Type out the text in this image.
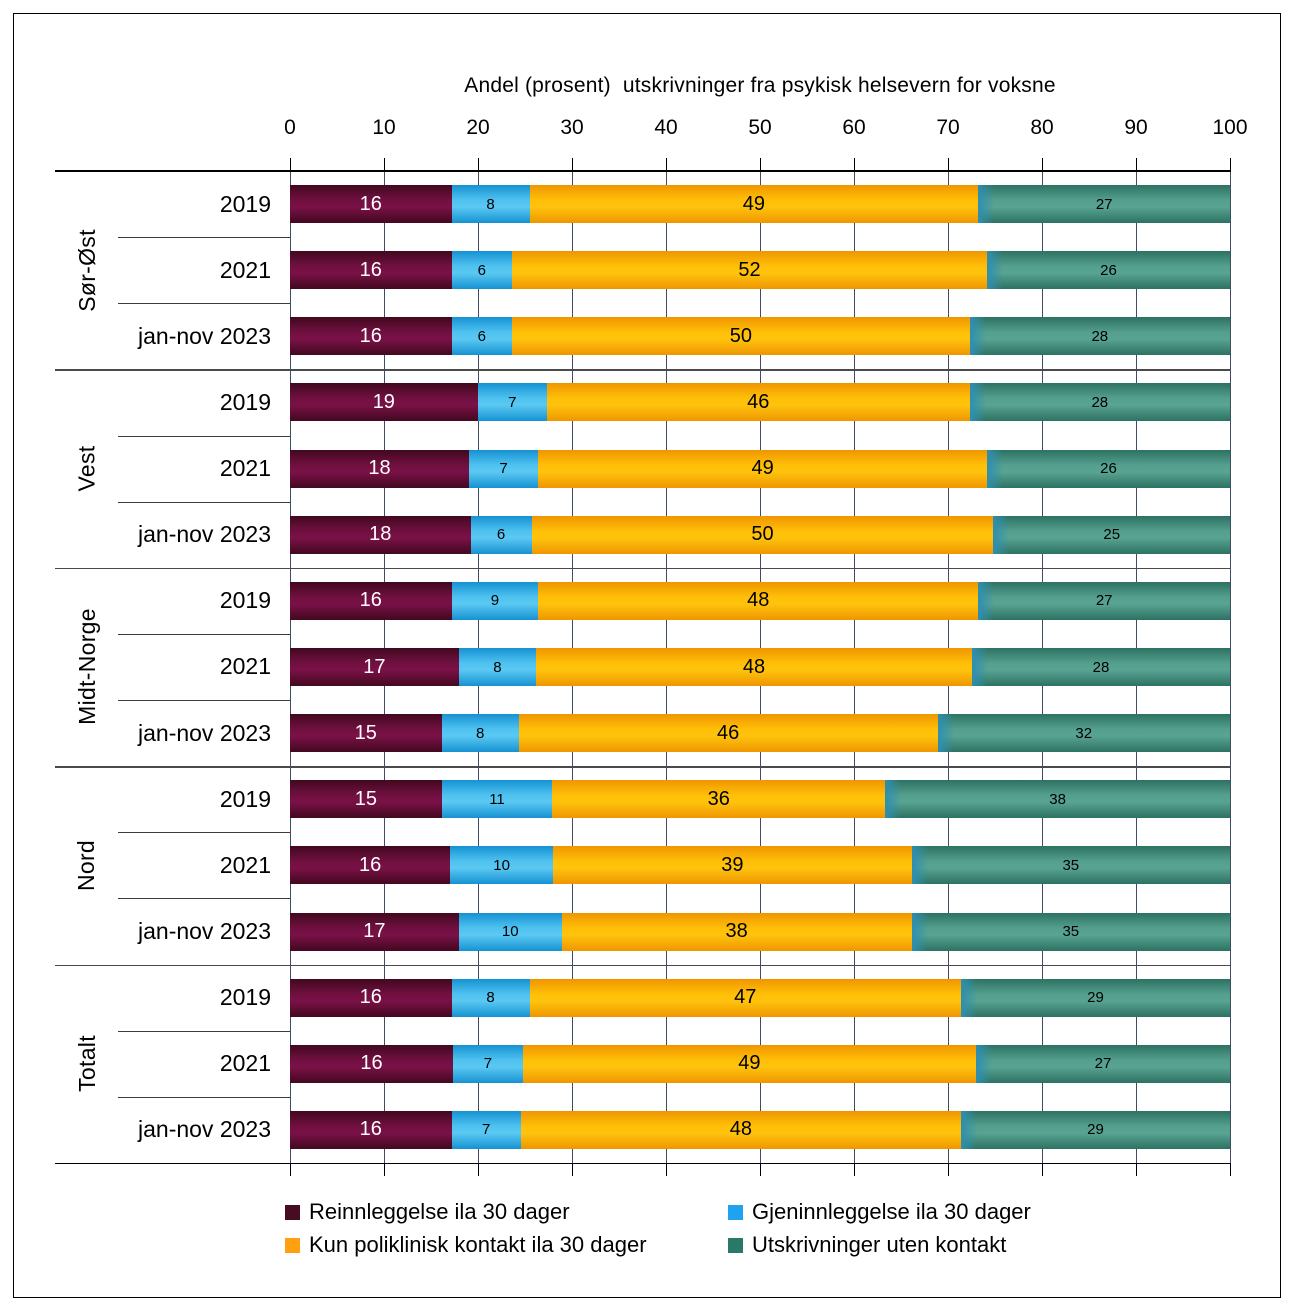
Andel (prosent)  utskrivninger fra psykisk helsevern for voksne
Reinnleggelse ila 30 dager	Gjeninnleggelse ila 30 dager
Kun poliklinisk kontakt ila 30 dager	Utskrivninger uten kontakt
0	10	20	30	40	50	60	70	80	90	100
Sør-Øst
2019	16	8	49	27
2021	16	6	52	26
jan-nov 2023	16	6	50	28
Vest
2019	19	7	46	28
2021	18	7	49	26
jan-nov 2023	18	6	50	25
Midt-Norge
2019	16	9	48	27
2021	17	8	48	28
jan-nov 2023	15	8	46	32
Nord
2019	15	11	36	38
2021	16	10	39	35
jan-nov 2023	17	10	38	35
Totalt
2019	16	8	47	29
2021	16	7	49	27
jan-nov 2023	16	7	48	29
